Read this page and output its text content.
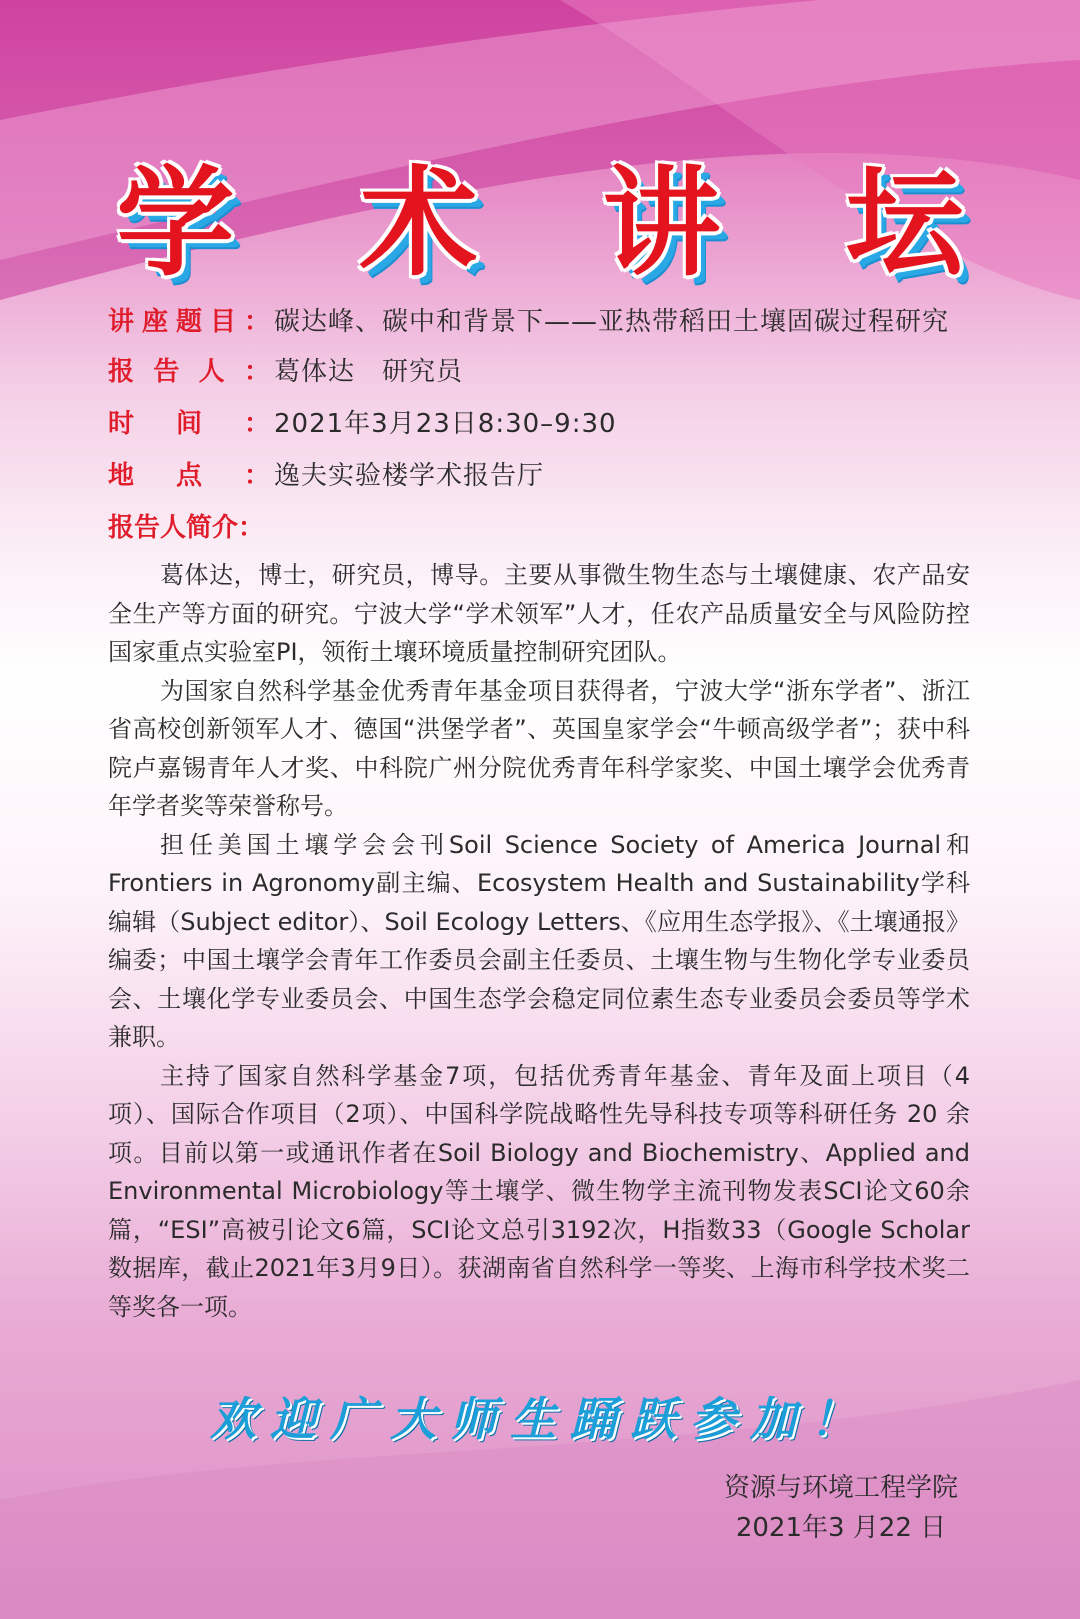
学 术 讲 坛
讲座题目： 碳达峰、碳中和背景下——亚热带稻田土壤固碳过程研究
报告人： 葛体达　研究员
时间： 2021年3月23日8:30–9:30
地点： 逸夫实验楼学术报告厅
报告人简介：

葛体达，博士，研究员，博导。主要从事微生物生态与土壤健康、农产品安全生产等方面的研究。宁波大学“学术领军”人才，任农产品质量安全与风险防控国家重点实验室PI，领衔土壤环境质量控制研究团队。

为国家自然科学基金优秀青年基金项目获得者，宁波大学“浙东学者”、浙江省高校创新领军人才、德国“洪堡学者”、英国皇家学会“牛顿高级学者”；获中科院卢嘉锡青年人才奖、中科院广州分院优秀青年科学家奖、中国土壤学会优秀青年学者奖等荣誉称号。

担任美国土壤学会会刊Soil Science Society of America Journal和Frontiers in Agronomy副主编、Ecosystem Health and Sustainability学科编辑（Subject editor）、Soil Ecology Letters、《应用生态学报》、《土壤通报》编委；中国土壤学会青年工作委员会副主任委员、土壤生物与生物化学专业委员会、土壤化学专业委员会、中国生态学会稳定同位素生态专业委员会委员等学术兼职。

主持了国家自然科学基金7项，包括优秀青年基金、青年及面上项目（4项）、国际合作项目（2项）、中国科学院战略性先导科技专项等科研任务 20 余项。目前以第一或通讯作者在Soil Biology and Biochemistry、Applied and Environmental Microbiology等土壤学、微生物学主流刊物发表SCI论文60余篇，“ESI”高被引论文6篇，SCI论文总引3192次，H指数33（Google Scholar数据库，截止2021年3月9日）。获湖南省自然科学一等奖、上海市科学技术奖二等奖各一项。

欢迎广大师生踊跃参加！
资源与环境工程学院
2021年3 月22 日
